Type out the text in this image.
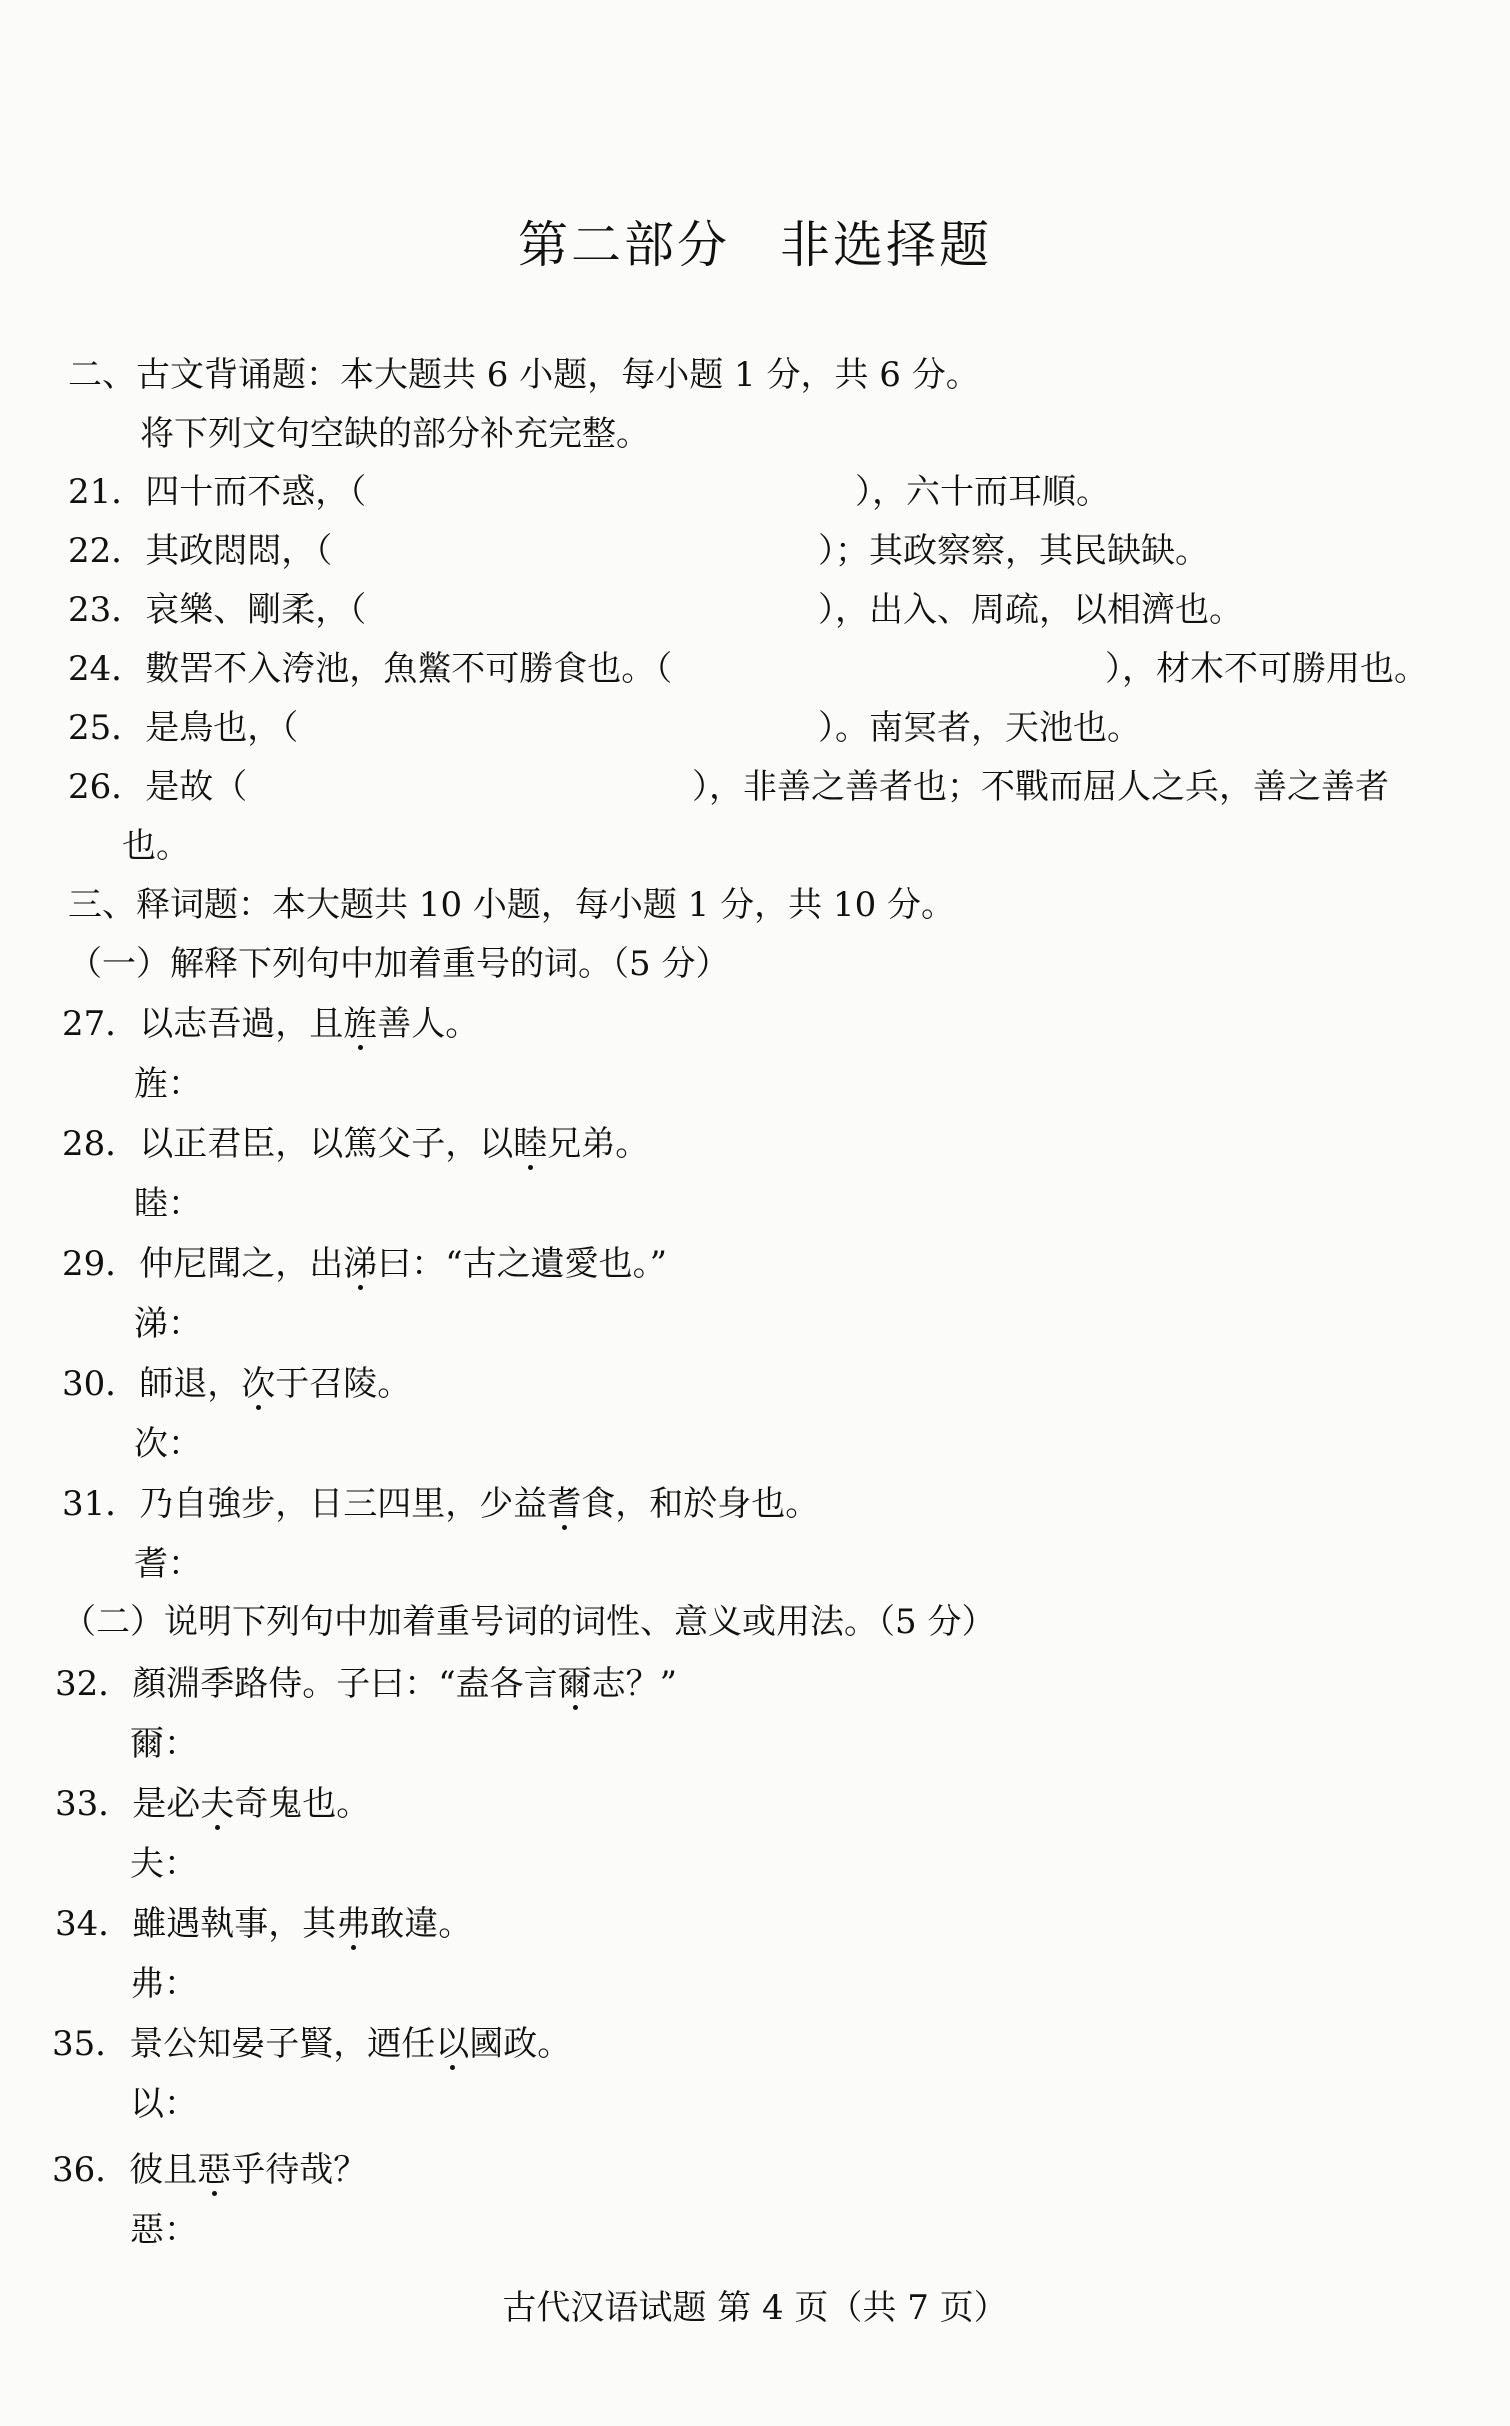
第二部分 非选择题
二、古文背诵题：本大题共 6 小题，每小题 1 分，共 6 分。
将下列文句空缺的部分补充完整。
21．四十而不惑，（	），六十而耳順。
22．其政悶悶，（	）；其政察察，其民缺缺。
23．哀樂、剛柔，（	），出入、周疏，以相濟也。
24．數罟不入洿池，魚鱉不可勝食也。（	），材木不可勝用也。
25．是鳥也，（	）。南冥者，天池也。
26．是故（	），非善之善者也；不戰而屈人之兵，善之善者
也。
三、释词题：本大题共 10 小题，每小题 1 分，共 10 分。
（一）解释下列句中加着重号的词。（5 分）
27．以志吾過，且旌善人。
旌：
28．以正君臣，以篤父子，以睦兄弟。
睦：
29．仲尼聞之，出涕曰：“古之遺愛也。”
涕：
30．師退，次于召陵。
次：
31．乃自強步，日三四里，少益耆食，和於身也。
耆：
（二）说明下列句中加着重号词的词性、意义或用法。（5 分）
32．顏淵季路侍。子曰：“盍各言爾志？”
爾：
33．是必夫奇鬼也。
夫：
34．雖遇執事，其弗敢違。
弗：
35．景公知晏子賢，迺任以國政。
以：
36．彼且惡乎待哉？
惡：
古代汉语试题 第 4 页（共 7 页）
